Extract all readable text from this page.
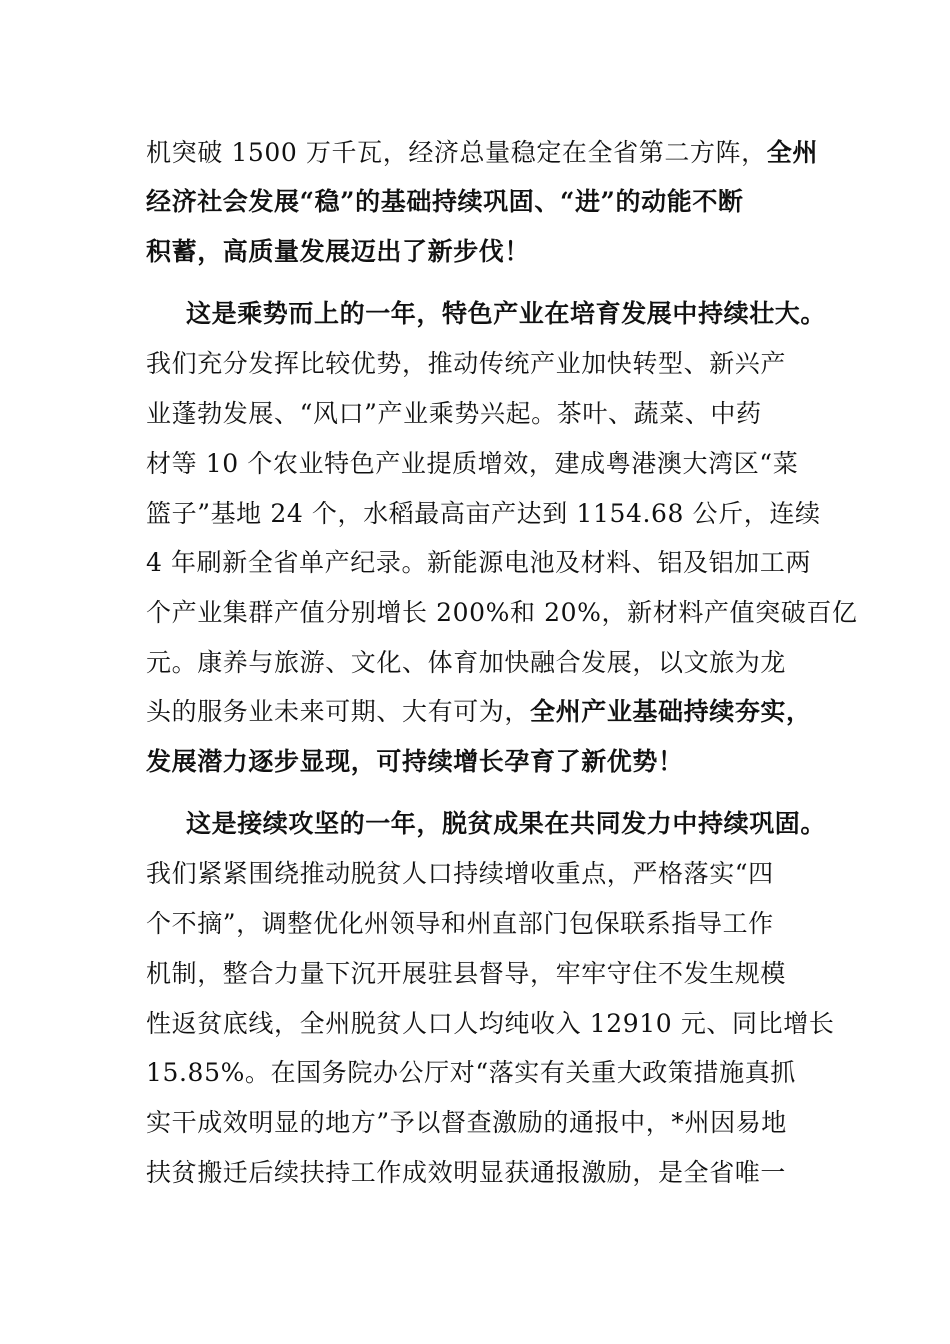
机突破 1500 万千瓦，经济总量稳定在全省第二方阵，全州
经济社会发展“稳”的基础持续巩固、“进”的动能不断
积蓄，高质量发展迈出了新步伐！
这是乘势而上的一年，特色产业在培育发展中持续壮大。
我们充分发挥比较优势，推动传统产业加快转型、新兴产
业蓬勃发展、“风口”产业乘势兴起。茶叶、蔬菜、中药
材等 10 个农业特色产业提质增效，建成粤港澳大湾区“菜
篮子”基地 24 个，水稻最高亩产达到 1154.68 公斤，连续
4 年刷新全省单产纪录。新能源电池及材料、铝及铝加工两
个产业集群产值分别增长 200%和 20%，新材料产值突破百亿
元。康养与旅游、文化、体育加快融合发展，以文旅为龙
头的服务业未来可期、大有可为，全州产业基础持续夯实，
发展潜力逐步显现，可持续增长孕育了新优势！
这是接续攻坚的一年，脱贫成果在共同发力中持续巩固。
我们紧紧围绕推动脱贫人口持续增收重点，严格落实“四
个不摘”，调整优化州领导和州直部门包保联系指导工作
机制，整合力量下沉开展驻县督导，牢牢守住不发生规模
性返贫底线，全州脱贫人口人均纯收入 12910 元、同比增长
15.85%。在国务院办公厅对“落实有关重大政策措施真抓
实干成效明显的地方”予以督查激励的通报中，*州因易地
扶贫搬迁后续扶持工作成效明显获通报激励，是全省唯一
